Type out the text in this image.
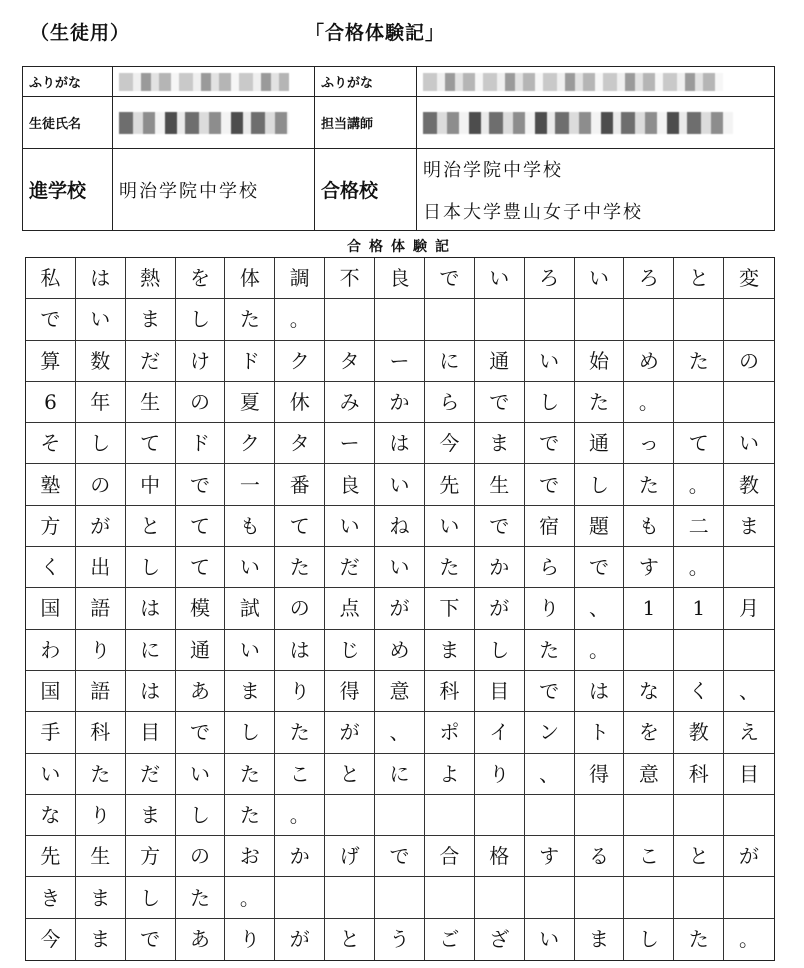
（生徒用）	「合格体験記」
ふりがな		ふりがな	
生徒氏名		担当講師	
進学校	明治学院中学校	合格校	明治学院中学校
日本大学豊山女子中学校
合格体験記
私	は	熱	を	体	調	不	良	で	い	ろ	い	ろ	と	変
で	い	ま	し	た	。
算	数	だ	け	ド	ク	タ	ー	に	通	い	始	め	た	の
6	年	生	の	夏	休	み	か	ら	で	し	た	。
そ	し	て	ド	ク	タ	ー	は	今	ま	で	通	っ	て	い
塾	の	中	で	一	番	良	い	先	生	で	し	た	。	教
方	が	と	て	も	て	い	ね	い	で	宿	題	も	二	ま
く	出	し	て	い	た	だ	い	た	か	ら	で	す	。
国	語	は	模	試	の	点	が	下	が	り	、	1	1	月
わ	り	に	通	い	は	じ	め	ま	し	た	。
国	語	は	あ	ま	り	得	意	科	目	で	は	な	く	、
手	科	目	で	し	た	が	、	ポ	イ	ン	ト	を	教	え
い	た	だ	い	た	こ	と	に	よ	り	、	得	意	科	目
な	り	ま	し	た	。
先	生	方	の	お	か	げ	で	合	格	す	る	こ	と	が
き	ま	し	た	。
今	ま	で	あ	り	が	と	う	ご	ざ	い	ま	し	た	。
